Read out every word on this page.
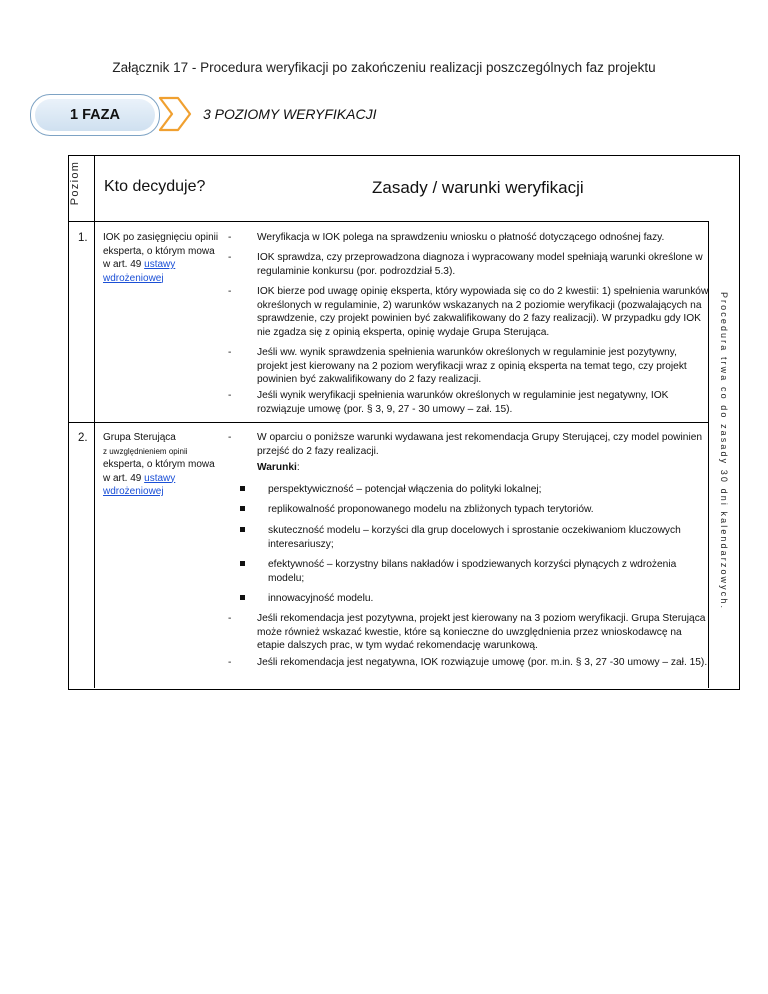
Załącznik 17 - Procedura weryfikacji po zakończeniu realizacji poszczególnych faz projektu
1 FAZA	3 POZIOMY WERYFIKACJI
Poziom Kto decyduje?	Zasady / warunki weryfikacji
Procedura trwa co do zasady 30 dni kalendarzowych.
1. IOK po zasięgnięciu opinii eksperta, o którym mowa w art. 49 ustawy wdrożeniowej
-	Weryfikacja w IOK polega na sprawdzeniu wniosku o płatność dotyczącego odnośnej fazy.
-	IOK sprawdza, czy przeprowadzona diagnoza i wypracowany model spełniają warunki określone w regulaminie konkursu (por. podrozdział 5.3).
-	IOK bierze pod uwagę opinię eksperta, który wypowiada się co do 2 kwestii: 1) spełnienia warunków określonych w regulaminie, 2) warunków wskazanych na 2 poziomie weryfikacji (pozwalających na sprawdzenie, czy projekt powinien być zakwalifikowany do 2 fazy realizacji). W przypadku gdy IOK nie zgadza się z opinią eksperta, opinię wydaje Grupa Sterująca.
-	Jeśli ww. wynik sprawdzenia spełnienia warunków określonych w regulaminie jest pozytywny, projekt jest kierowany na 2 poziom weryfikacji wraz z opinią eksperta na temat tego, czy projekt powinien być zakwalifikowany do 2 fazy realizacji.
-	Jeśli wynik weryfikacji spełnienia warunków określonych w regulaminie jest negatywny, IOK rozwiązuje umowę (por. § 3, 9, 27 - 30 umowy – zał. 15).
2. Grupa Sterująca
z uwzględnieniem opinii eksperta, o którym mowa w art. 49 ustawy wdrożeniowej
-	W oparciu o poniższe warunki wydawana jest rekomendacja Grupy Sterującej, czy model powinien przejść do 2 fazy realizacji.
Warunki:
perspektywiczność – potencjał włączenia do polityki lokalnej;
replikowalność proponowanego modelu na zbliżonych typach terytoriów.
skuteczność modelu – korzyści dla grup docelowych i sprostanie oczekiwaniom kluczowych interesariuszy;
efektywność – korzystny bilans nakładów i spodziewanych korzyści płynących z wdrożenia modelu;
innowacyjność modelu.
-	Jeśli rekomendacja jest pozytywna, projekt jest kierowany na 3 poziom weryfikacji. Grupa Sterująca może również wskazać kwestie, które są konieczne do uwzględnienia przez wnioskodawcę na etapie dalszych prac, w tym wydać rekomendację warunkową.
-	Jeśli rekomendacja jest negatywna, IOK rozwiązuje umowę (por. m.in. § 3, 27 -30 umowy – zał. 15).
